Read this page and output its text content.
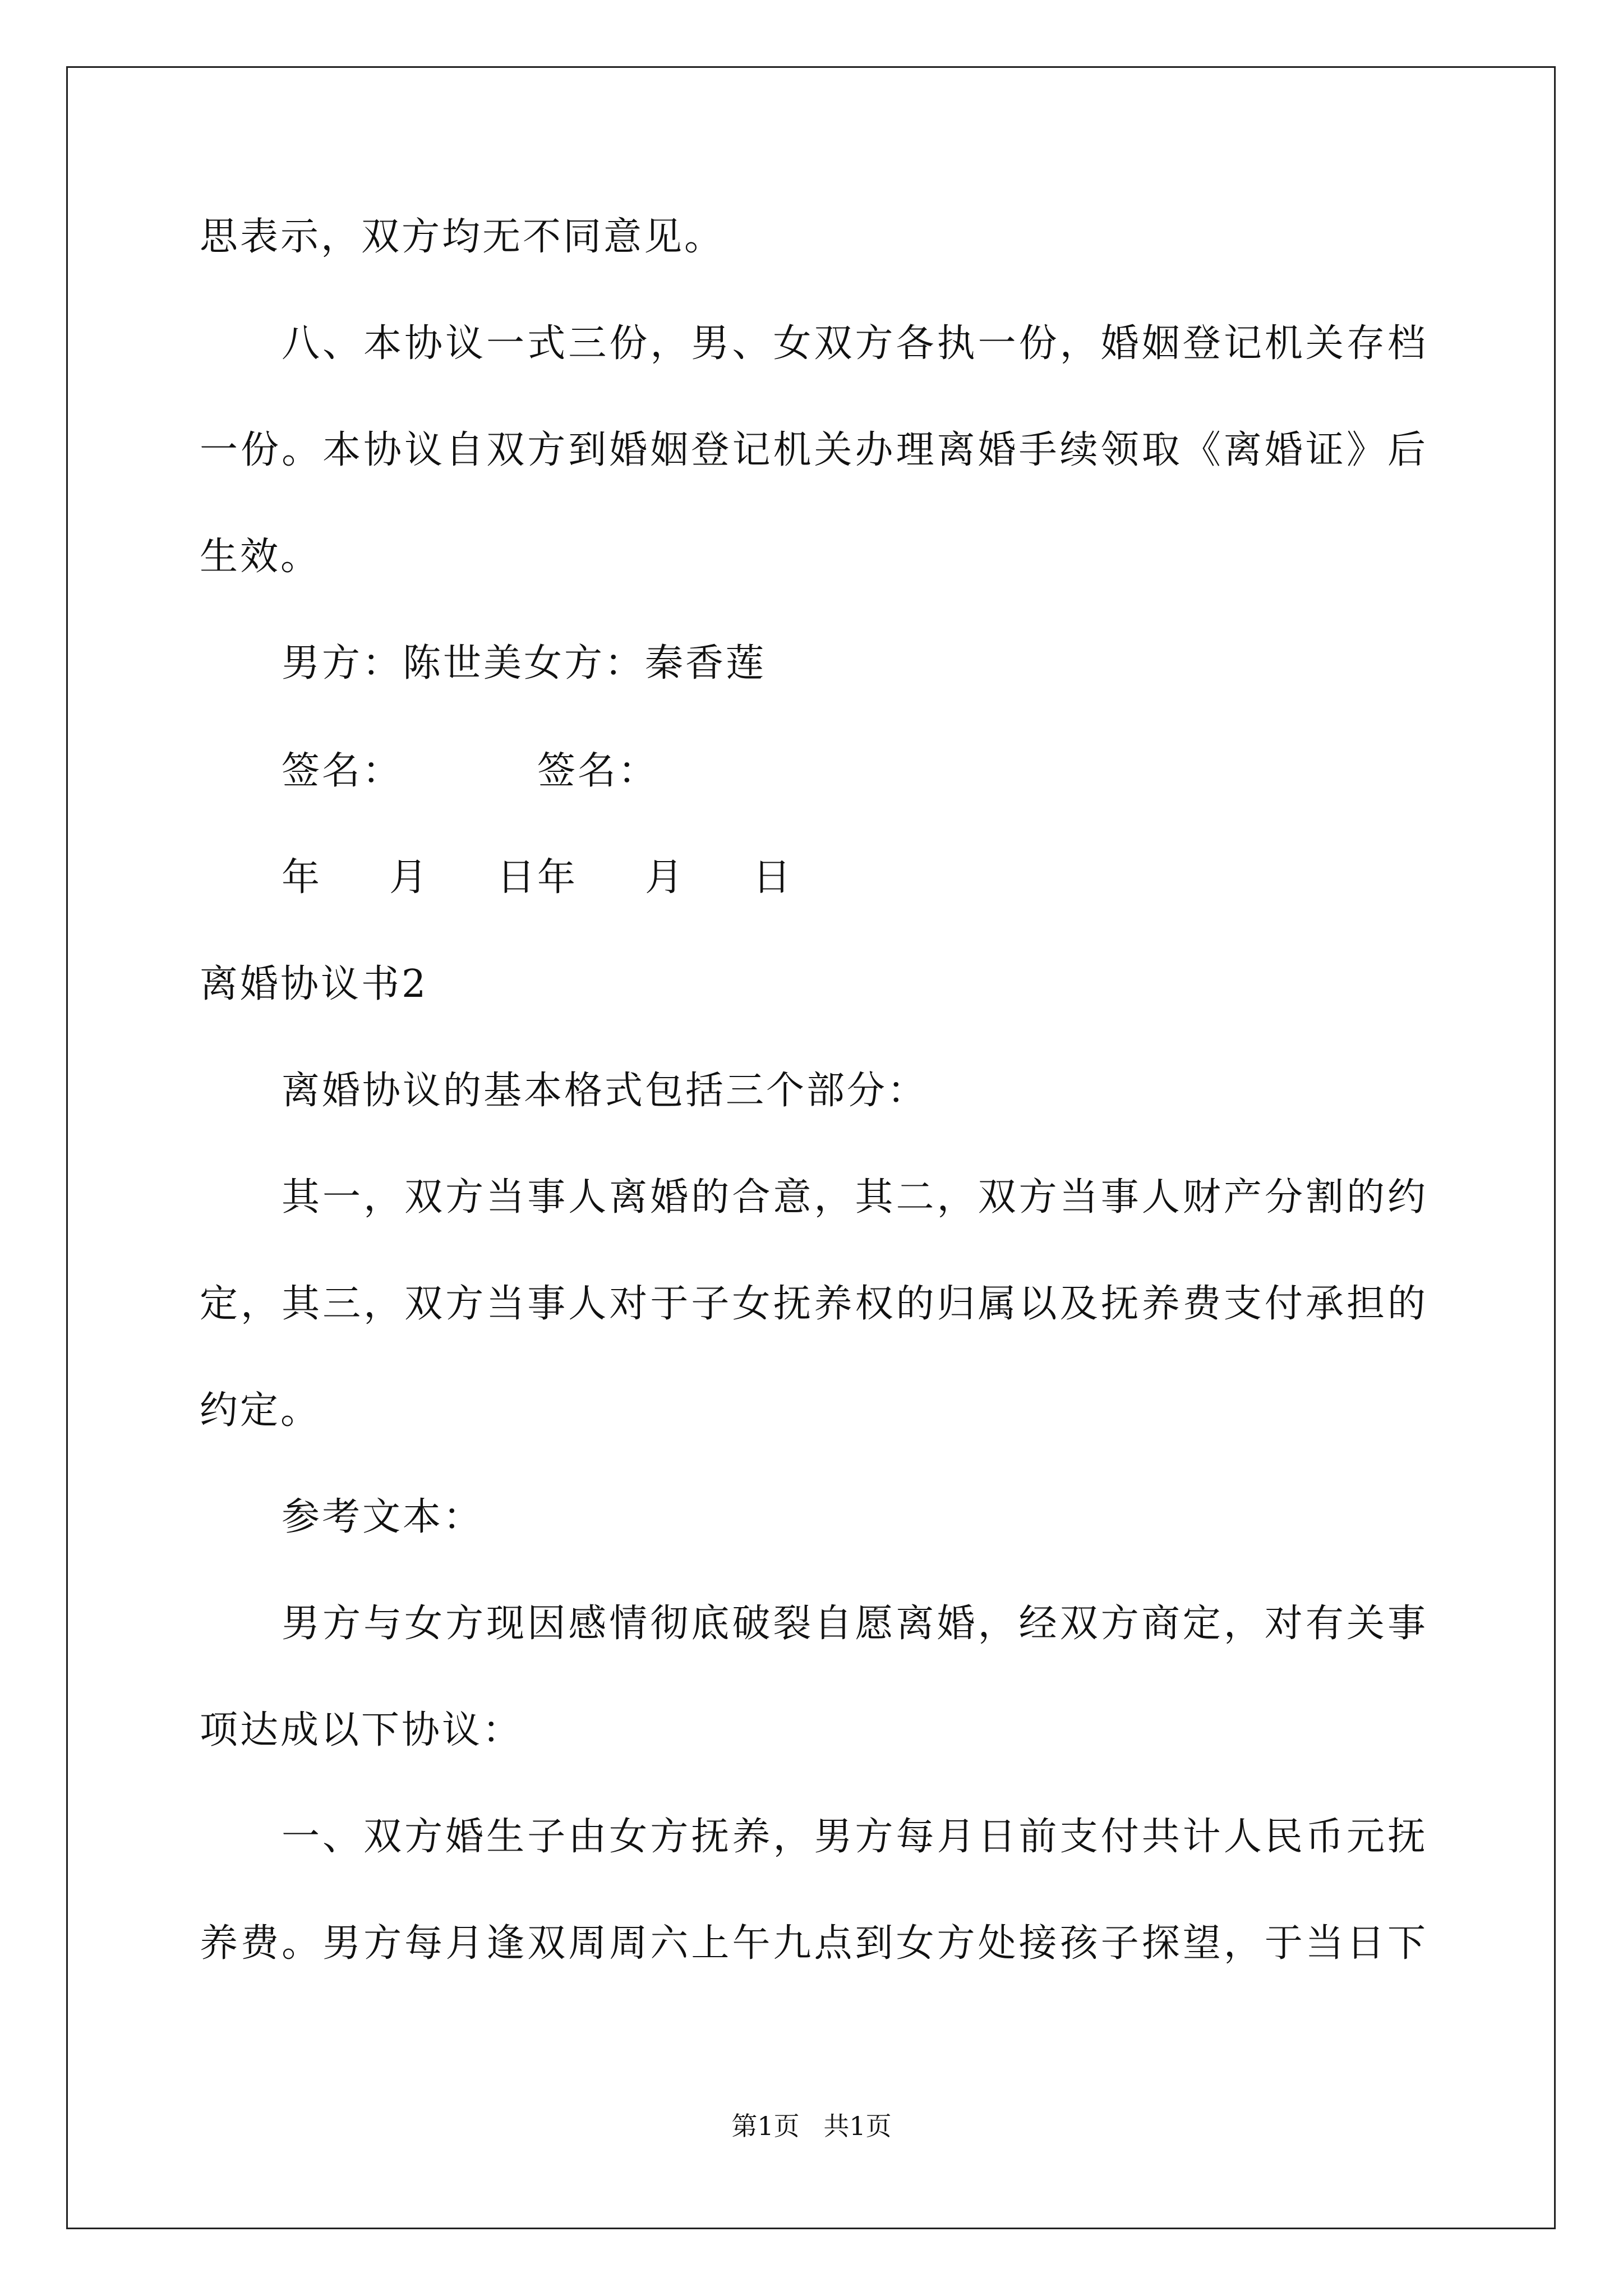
思表示，双方均无不同意见。
八、本协议一式三份，男、女双方各执一份，婚姻登记机关存档
一份。本协议自双方到婚姻登记机关办理离婚手续领取《离婚证》后
生效。
男方：陈世美女方：秦香莲
签名：	签名：
年 月 日年 月 日
离婚协议书2
离婚协议的基本格式包括三个部分：
其一，双方当事人离婚的合意，其二，双方当事人财产分割的约
定，其三，双方当事人对于子女抚养权的归属以及抚养费支付承担的
约定。
参考文本：
男方与女方现因感情彻底破裂自愿离婚，经双方商定，对有关事
项达成以下协议：
一、双方婚生子由女方抚养，男方每月日前支付共计人民币元抚
养费。男方每月逢双周周六上午九点到女方处接孩子探望，于当日下
第1页 共1页
